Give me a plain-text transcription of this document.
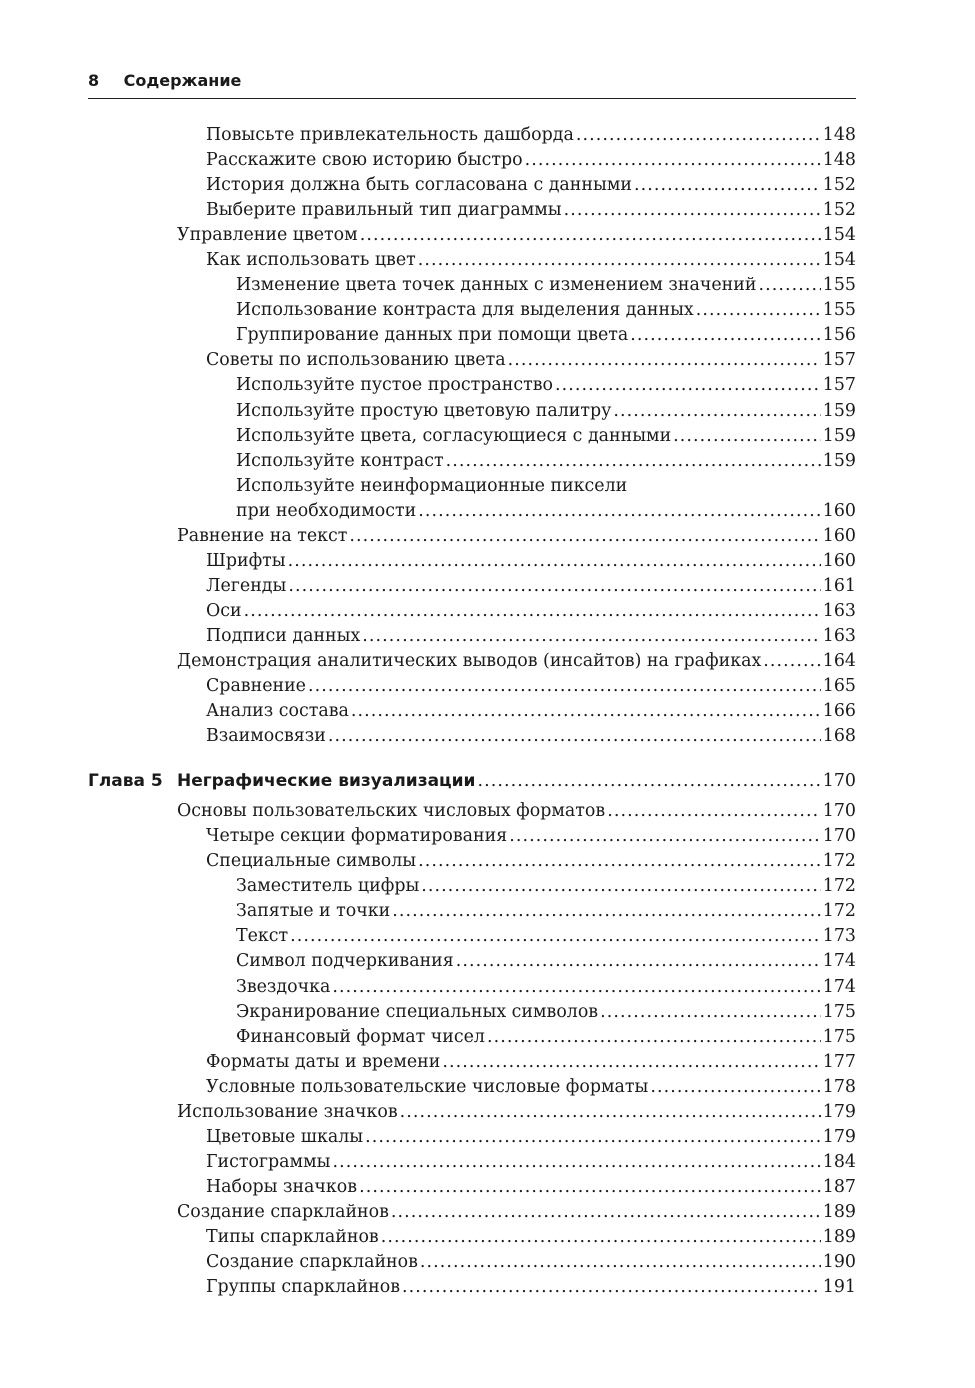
8 Содержание
Повысьте привлекательность дашборда .....	148
Расскажите свою историю быстро .....	148
История должна быть согласована с данными .....	152
Выберите правильный тип диаграммы .....	152
Управление цветом .....	154
Как использовать цвет .....	154
Изменение цвета точек данных с изменением значений .....	155
Использование контраста для выделения данных .....	155
Группирование данных при помощи цвета .....	156
Советы по использованию цвета .....	157
Используйте пустое пространство .....	157
Используйте простую цветовую палитру .....	159
Используйте цвета, согласующиеся с данными .....	159
Используйте контраст .....	159
Используйте неинформационные пиксели
при необходимости .....	160
Равнение на текст .....	160
Шрифты .....	160
Легенды .....	161
Оси .....	163
Подписи данных .....	163
Демонстрация аналитических выводов (инсайтов) на графиках .....	164
Сравнение .....	165
Анализ состава .....	166
Взаимосвязи .....	168
Глава 5 Неграфические визуализации .....	170
Основы пользовательских числовых форматов .....	170
Четыре секции форматирования .....	170
Специальные символы .....	172
Заместитель цифры .....	172
Запятые и точки .....	172
Текст .....	173
Символ подчеркивания .....	174
Звездочка .....	174
Экранирование специальных символов .....	175
Финансовый формат чисел .....	175
Форматы даты и времени .....	177
Условные пользовательские числовые форматы .....	178
Использование значков .....	179
Цветовые шкалы .....	179
Гистограммы .....	184
Наборы значков .....	187
Создание спарклайнов .....	189
Типы спарклайнов .....	189
Создание спарклайнов .....	190
Группы спарклайнов .....	191
